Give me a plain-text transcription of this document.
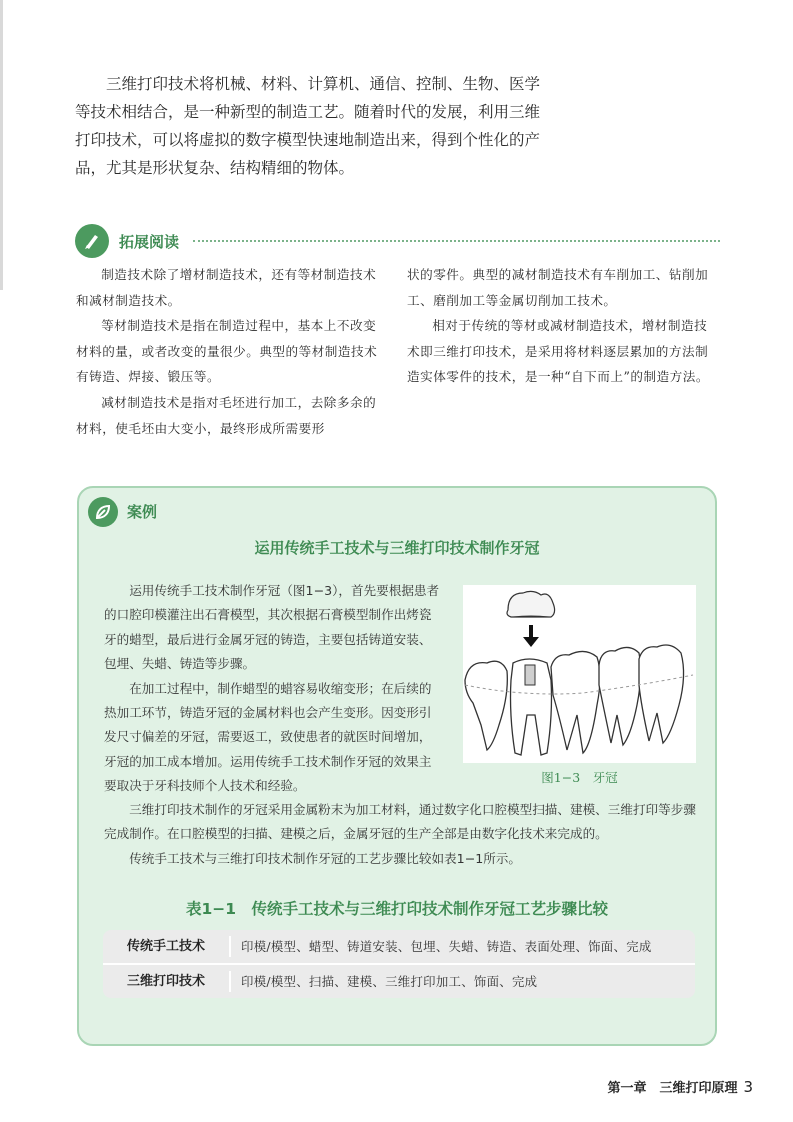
三维打印技术将机械、材料、计算机、通信、控制、生物、医学等技术相结合，是一种新型的制造工艺。随着时代的发展，利用三维打印技术，可以将虚拟的数字模型快速地制造出来，得到个性化的产品，尤其是形状复杂、结构精细的物体。

拓展阅读

制造技术除了增材制造技术，还有等材制造技术和减材制造技术。

等材制造技术是指在制造过程中，基本上不改变材料的量，或者改变的量很少。典型的等材制造技术有铸造、焊接、锻压等。

减材制造技术是指对毛坯进行加工，去除多余的材料，使毛坯由大变小，最终形成所需要形

状的零件。典型的减材制造技术有车削加工、钻削加工、磨削加工等金属切削加工技术。

相对于传统的等材或减材制造技术，增材制造技术即三维打印技术，是采用将材料逐层累加的方法制造实体零件的技术，是一种“自下而上”的制造方法。

案例
运用传统手工技术与三维打印技术制作牙冠

运用传统手工技术制作牙冠（图1−3），首先要根据患者的口腔印模灌注出石膏模型，其次根据石膏模型制作出烤瓷牙的蜡型，最后进行金属牙冠的铸造，主要包括铸道安装、包埋、失蜡、铸造等步骤。

在加工过程中，制作蜡型的蜡容易收缩变形；在后续的热加工环节，铸造牙冠的金属材料也会产生变形。因变形引发尺寸偏差的牙冠，需要返工，致使患者的就医时间增加，牙冠的加工成本增加。运用传统手工技术制作牙冠的效果主要取决于牙科技师个人技术和经验。

图1−3　牙冠

三维打印技术制作的牙冠采用金属粉末为加工材料，通过数字化口腔模型扫描、建模、三维打印等步骤完成制作。在口腔模型的扫描、建模之后，金属牙冠的生产全部是由数字化技术来完成的。

传统手工技术与三维打印技术制作牙冠的工艺步骤比较如表1−1所示。

表1−1　传统手工技术与三维打印技术制作牙冠工艺步骤比较
传统手工技术	印模/模型、蜡型、铸道安装、包埋、失蜡、铸造、表面处理、饰面、完成
三维打印技术	印模/模型、扫描、建模、三维打印加工、饰面、完成
第一章　三维打印原理 3
